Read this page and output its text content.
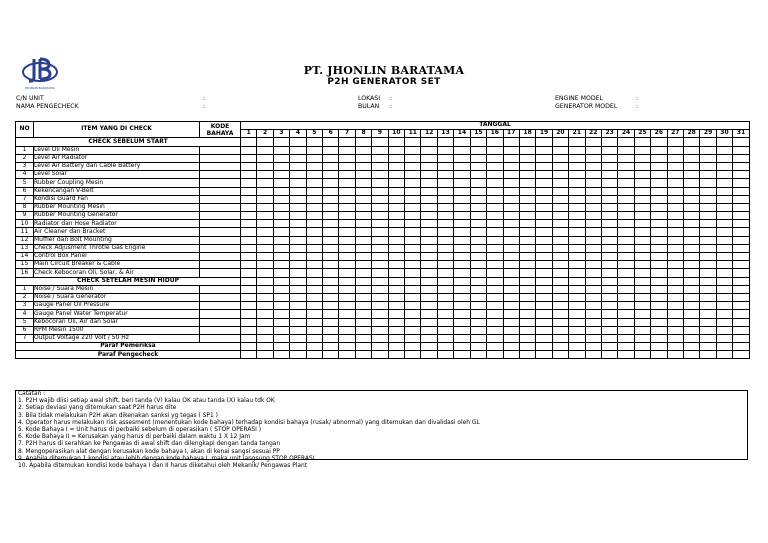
JHONLIN BARATAMA
PT. JHONLIN BARATAMA
P2H GENERATOR SET
C/N UNIT	:
NAMA PENGECHECK	:
LOKASI :
BULAN :
ENGINE MODEL	:
GENERATOR MODEL	:
NO	ITEM YANG DI CHECK	KODE BAHAYA	TANGGAL																														
			1	2	3	4	5	6	7	8	9	10	11	12	13	14	15	16	17	18	19	20	21	22	23	24	25	26	27	28	29	30	31
CHECK SEBELUM START																																	
1	Level Oli Mesin																																
2	Level Air Radiator																																
3	Level Air Battery dan Cable Battery																																
4	Level Solar																																
5	Rubber Coupling Mesin																																
6	Kekencangan V-Belt																																
7	Kondisi Guard Fan																																
8	Rubber Mounting Mesin																																
9	Rubber Mounting Generator																																
10	Radiator dan Hose Radiator																																
11	Air Cleaner dan Bracket																																
12	Muffler dan Bolt Mounting																																
13	Check Adjusment Throtle Gas Engine																																
14	Control Box Panel																																
15	Main Circuit Breaker & Cable																																
16	Check Kebocoran Oli, Solar, & Air																																
CHECK SETELAH MESIN HIDUP																																	
1	Noise / Suara Mesin																																
2	Noise / Suara Generator																																
3	Gauge Panel Oil Pressure																																
4	Gauge Panel Water Temperatur																																
5	Kebocoran Oli, Air dan Solar																																
6	RPM Mesin 1500																																
7	Output Voltage 220 Volt / 50 Hz																																
Paraf Pemeriksa																																	
Paraf Pengecheck																																	
Catatan :
1. P2H wajib diisi setiap awal shift, beri tanda (V) kalau OK atau tanda (X) kalau tdk OK
2. Setiap deviasi yang ditemukan saat P2H harus dite
3. Bila tidak melakukan P2H akan dikenakan sanksi yg tegas ( SP1 )
4. Operator harus melakukan risk assesment (menentukan kode bahaya) terhadap kondisi bahaya (rusak/ abnormal) yang ditemukan dan divalidasi oleh GL
5. Kode Bahaya I = Unit harus di perbaiki sebelum di operasikan ( STOP OPERASI )
6. Kode Bahaya II = Kerusakan yang harus di perbaiki dalam waktu 1 X 12 Jam
7. P2H harus di serahkan ke Pengawas di awal shift dan dilengkapi dengan tanda tangan
8. Mengoperasikan alat dengan kerusakan kode bahaya I, akan di kenai sangsi sesuai PP
9. Apabila ditemukan 1 kondisi atau lebih dengan kode bahaya I, maka unit langsung STOP OPERASI
10. Apabila ditemukan kondisi kode bahaya I dan II harus diketahui oleh Mekanik/ Pengawas Plant
